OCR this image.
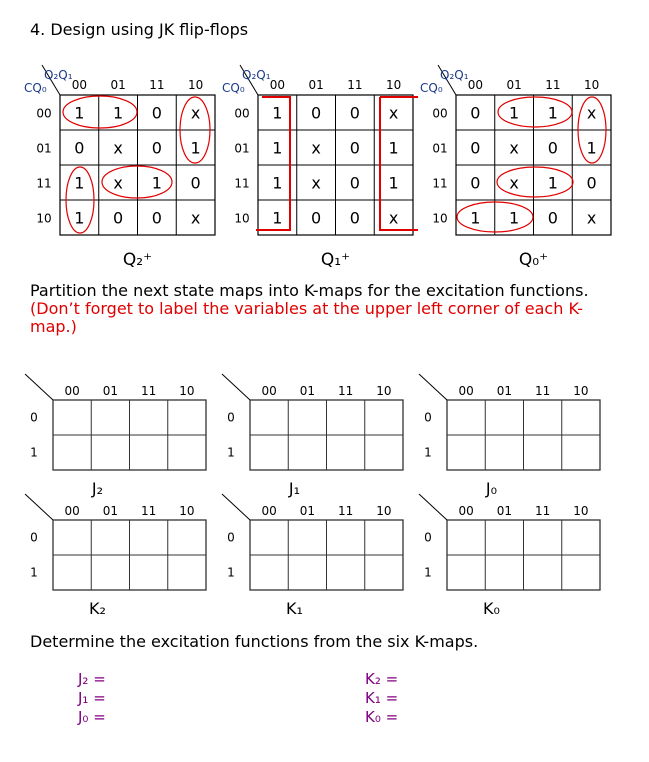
4. Design using JK flip-flops
Partition the next state maps into K-maps for the excitation functions.
(Don’t forget to label the variables at the upper left corner of each K-
map.)
Determine the excitation functions from the six K-maps.
J₂ =
J₁ =
J₀ =
K₂ =
K₁ =
K₀ =
Q₂Q₁
CQ₀ 00 01 11 10
00
01
11
10
1 1 0 x
0 x 0 1
1 x 1 0
1 0 0 x
Q₂⁺
Q₂Q₁
CQ₀ 00 01 11 10
00
01
11
10
1 0 0 x
1 x 0 1
1 x 0 1
1 0 0 x
Q₁⁺
Q₂Q₁
CQ₀ 00 01 11 10
00
01
11
10
0 1 1 x
0 x 0 1
0 x 1 0
1 1 0 x
Q₀⁺
00 01 11 10
0
1
J₂
00 01 11 10
0
1
J₁
00 01 11 10
0
1
J₀
00 01 11 10
0
1
K₂
00 01 11 10
0
1
K₁
00 01 11 10
0
1
K₀
